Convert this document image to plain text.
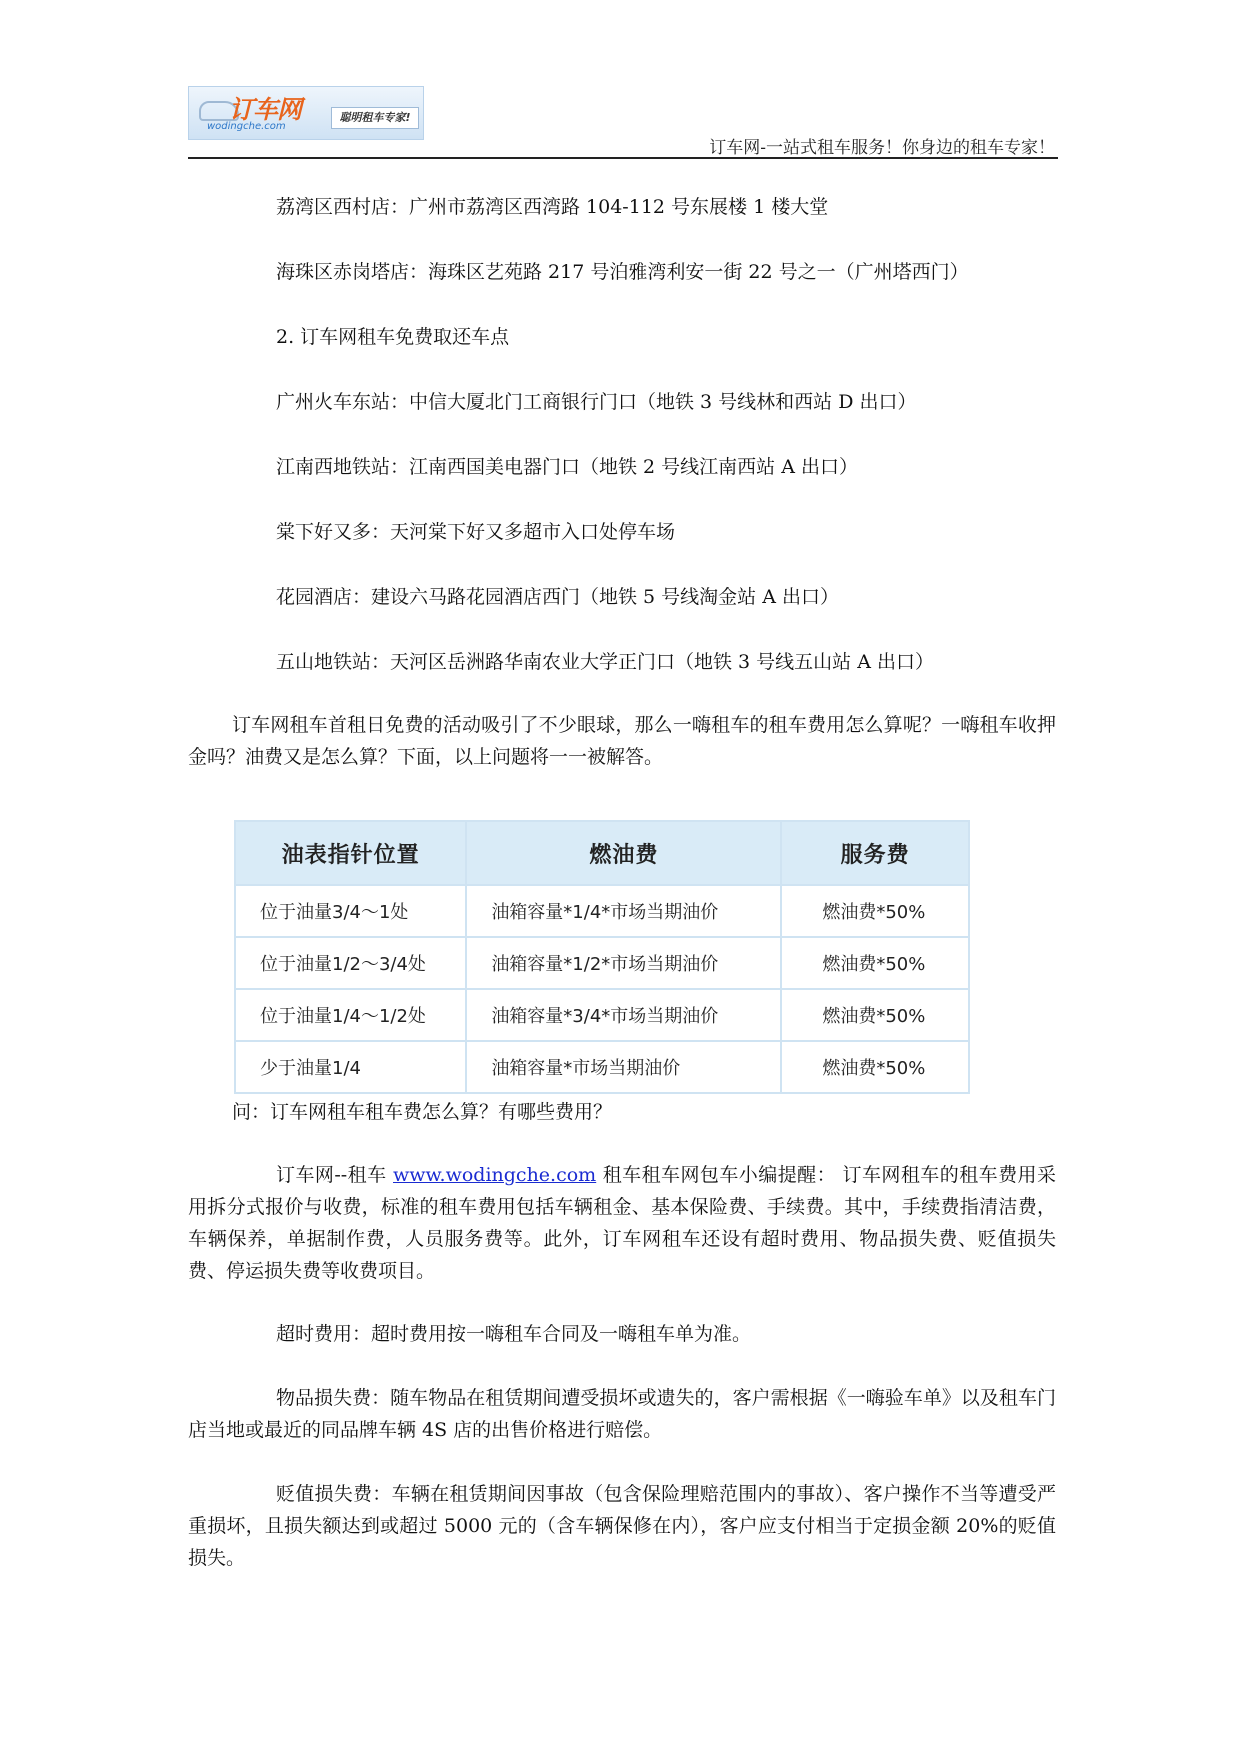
订车网
wodingche.com
聪明租车专家!
订车网-一站式租车服务！你身边的租车专家！
荔湾区西村店：广州市荔湾区西湾路 104-112 号东展楼 1 楼大堂
海珠区赤岗塔店：海珠区艺苑路 217 号泊雅湾利安一街 22 号之一（广州塔西门）
2. 订车网租车免费取还车点
广州火车东站：中信大厦北门工商银行门口（地铁 3 号线林和西站 D 出口）
江南西地铁站：江南西国美电器门口（地铁 2 号线江南西站 A 出口）
棠下好又多：天河棠下好又多超市入口处停车场
花园酒店：建设六马路花园酒店西门（地铁 5 号线淘金站 A 出口）
五山地铁站：天河区岳洲路华南农业大学正门口（地铁 3 号线五山站 A 出口）
订车网租车首租日免费的活动吸引了不少眼球，那么一嗨租车的租车费用怎么算呢？一嗨租车收押金吗？油费又是怎么算？下面，以上问题将一一被解答。
油表指针位置	燃油费	服务费
位于油量3/4～1处	油箱容量*1/4*市场当期油价	燃油费*50%
位于油量1/2～3/4处	油箱容量*1/2*市场当期油价	燃油费*50%
位于油量1/4～1/2处	油箱容量*3/4*市场当期油价	燃油费*50%
少于油量1/4	油箱容量*市场当期油价	燃油费*50%
问：订车网租车租车费怎么算？有哪些费用？
订车网--租车 www.wodingche.com 租车租车网包车小编提醒： 订车网租车的租车费用采用拆分式报价与收费，标准的租车费用包括车辆租金、基本保险费、手续费。其中，手续费指清洁费，车辆保养，单据制作费，人员服务费等。此外，订车网租车还设有超时费用、物品损失费、贬值损失费、停运损失费等收费项目。
超时费用：超时费用按一嗨租车合同及一嗨租车单为准。
物品损失费：随车物品在租赁期间遭受损坏或遗失的，客户需根据《一嗨验车单》以及租车门店当地或最近的同品牌车辆 4S 店的出售价格进行赔偿。
贬值损失费：车辆在租赁期间因事故（包含保险理赔范围内的事故）、客户操作不当等遭受严重损坏，且损失额达到或超过 5000 元的（含车辆保修在内），客户应支付相当于定损金额 20%的贬值损失。
